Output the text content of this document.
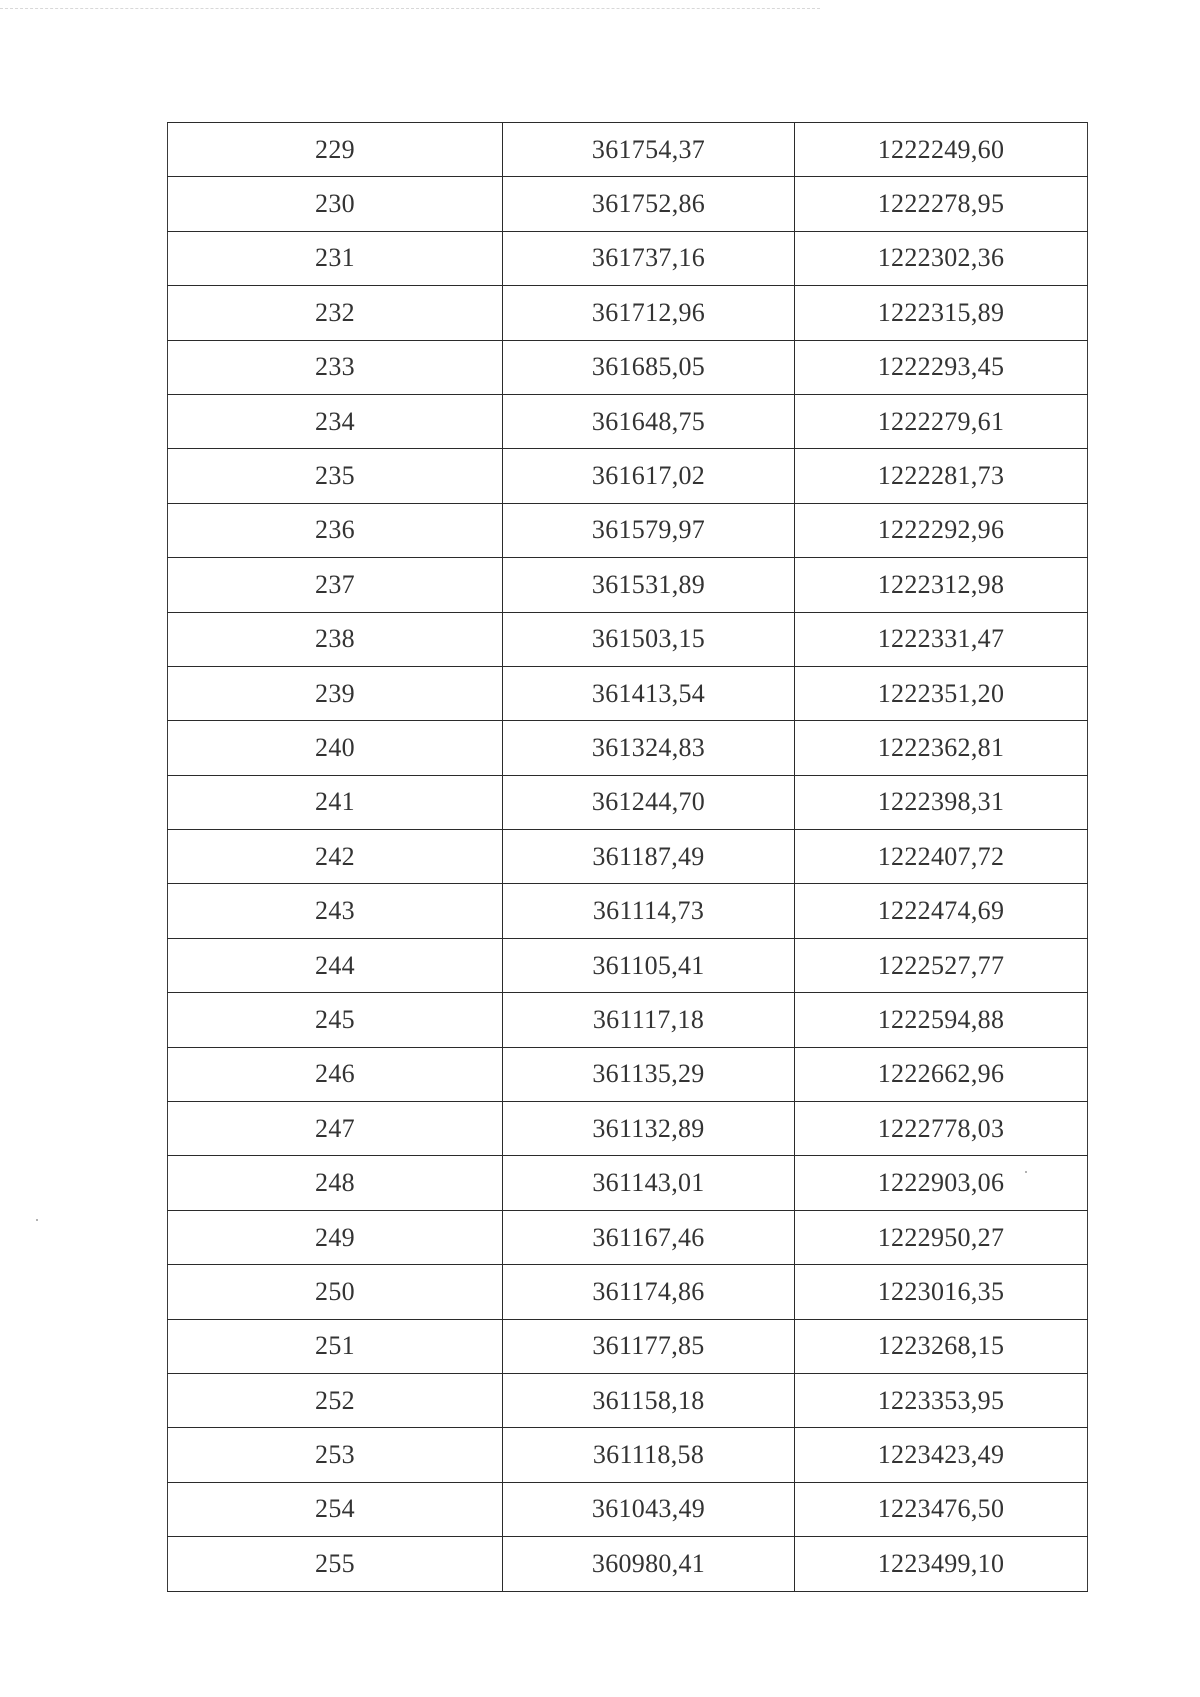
229	361754,37	1222249,60
230	361752,86	1222278,95
231	361737,16	1222302,36
232	361712,96	1222315,89
233	361685,05	1222293,45
234	361648,75	1222279,61
235	361617,02	1222281,73
236	361579,97	1222292,96
237	361531,89	1222312,98
238	361503,15	1222331,47
239	361413,54	1222351,20
240	361324,83	1222362,81
241	361244,70	1222398,31
242	361187,49	1222407,72
243	361114,73	1222474,69
244	361105,41	1222527,77
245	361117,18	1222594,88
246	361135,29	1222662,96
247	361132,89	1222778,03
248	361143,01	1222903,06
249	361167,46	1222950,27
250	361174,86	1223016,35
251	361177,85	1223268,15
252	361158,18	1223353,95
253	361118,58	1223423,49
254	361043,49	1223476,50
255	360980,41	1223499,10
